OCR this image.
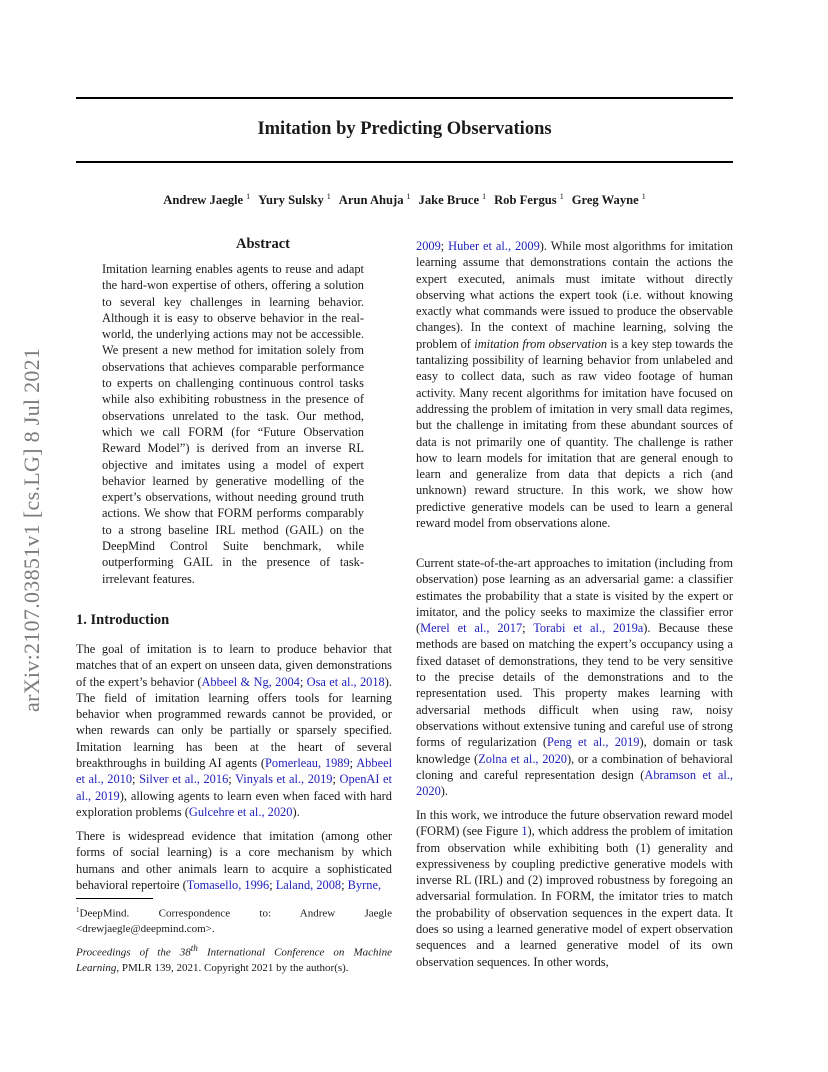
Imitation by Predicting Observations
Andrew Jaegle $^1$ Yury Sulsky $^1$ Arun Ahuja $^1$ Jake Bruce $^1$ Rob Fergus $^1$ Greg Wayne $^1$
arXiv:2107.03851v1 [cs.LG] 8 Jul 2021
Abstract

Imitation learning enables agents to reuse and adapt the hard-won expertise of others, offering a solution to several key challenges in learning behavior. Although it is easy to observe behavior in the real-world, the underlying actions may not be accessible. We present a new method for imitation solely from observations that achieves comparable performance to experts on challenging continuous control tasks while also exhibiting robustness in the presence of observations unrelated to the task. Our method, which we call FORM (for “Future Observation Reward Model”) is derived from an inverse RL objective and imitates using a model of expert behavior learned by generative modelling of the expert’s observations, without needing ground truth actions. We show that FORM performs comparably to a strong baseline IRL method (GAIL) on the DeepMind Control Suite benchmark, while outperforming GAIL in the presence of task-irrelevant features.

1. Introduction

The goal of imitation is to learn to produce behavior that matches that of an expert on unseen data, given demonstrations of the expert’s behavior (Abbeel & Ng, 2004; Osa et al., 2018). The field of imitation learning offers tools for learning behavior when programmed rewards cannot be provided, or when rewards can only be partially or sparsely specified. Imitation learning has been at the heart of several breakthroughs in building AI agents (Pomerleau, 1989; Abbeel et al., 2010; Silver et al., 2016; Vinyals et al., 2019; OpenAI et al., 2019), allowing agents to learn even when faced with hard exploration problems (Gulcehre et al., 2020).

There is widespread evidence that imitation (among other forms of social learning) is a core mechanism by which humans and other animals learn to acquire a sophisticated behavioral repertoire (Tomasello, 1996; Laland, 2008; Byrne,

$^1$DeepMind. Correspondence to: Andrew Jaegle <drewjaegle@deepmind.com>.

Proceedings of the 38th International Conference on Machine Learning, PMLR 139, 2021. Copyright 2021 by the author(s).

2009; Huber et al., 2009). While most algorithms for imitation learning assume that demonstrations contain the actions the expert executed, animals must imitate without directly observing what actions the expert took (i.e. without knowing exactly what commands were issued to produce the observable changes). In the context of machine learning, solving the problem of imitation from observation is a key step towards the tantalizing possibility of learning behavior from unlabeled and easy to collect data, such as raw video footage of human activity. Many recent algorithms for imitation have focused on addressing the problem of imitation in very small data regimes, but the challenge in imitating from these abundant sources of data is not primarily one of quantity. The challenge is rather how to learn models for imitation that are general enough to learn and generalize from data that depicts a rich (and unknown) reward structure. In this work, we show how predictive generative models can be used to learn a general reward model from observations alone.

Current state-of-the-art approaches to imitation (including from observation) pose learning as an adversarial game: a classifier estimates the probability that a state is visited by the expert or imitator, and the policy seeks to maximize the classifier error (Merel et al., 2017; Torabi et al., 2019a). Because these methods are based on matching the expert’s occupancy using a fixed dataset of demonstrations, they tend to be very sensitive to the precise details of the demonstrations and to the representation used. This property makes learning with adversarial methods difficult when using raw, noisy observations without extensive tuning and careful use of strong forms of regularization (Peng et al., 2019), domain or task knowledge (Zolna et al., 2020), or a combination of behavioral cloning and careful representation design (Abramson et al., 2020).

In this work, we introduce the future observation reward model (FORM) (see Figure 1), which address the problem of imitation from observation while exhibiting both (1) generality and expressiveness by coupling predictive generative models with inverse RL (IRL) and (2) improved robustness by foregoing an adversarial formulation. In FORM, the imitator tries to match the probability of observation sequences in the expert data. It does so using a learned generative model of expert observation sequences and a learned generative model of its own observation sequences. In other words,
